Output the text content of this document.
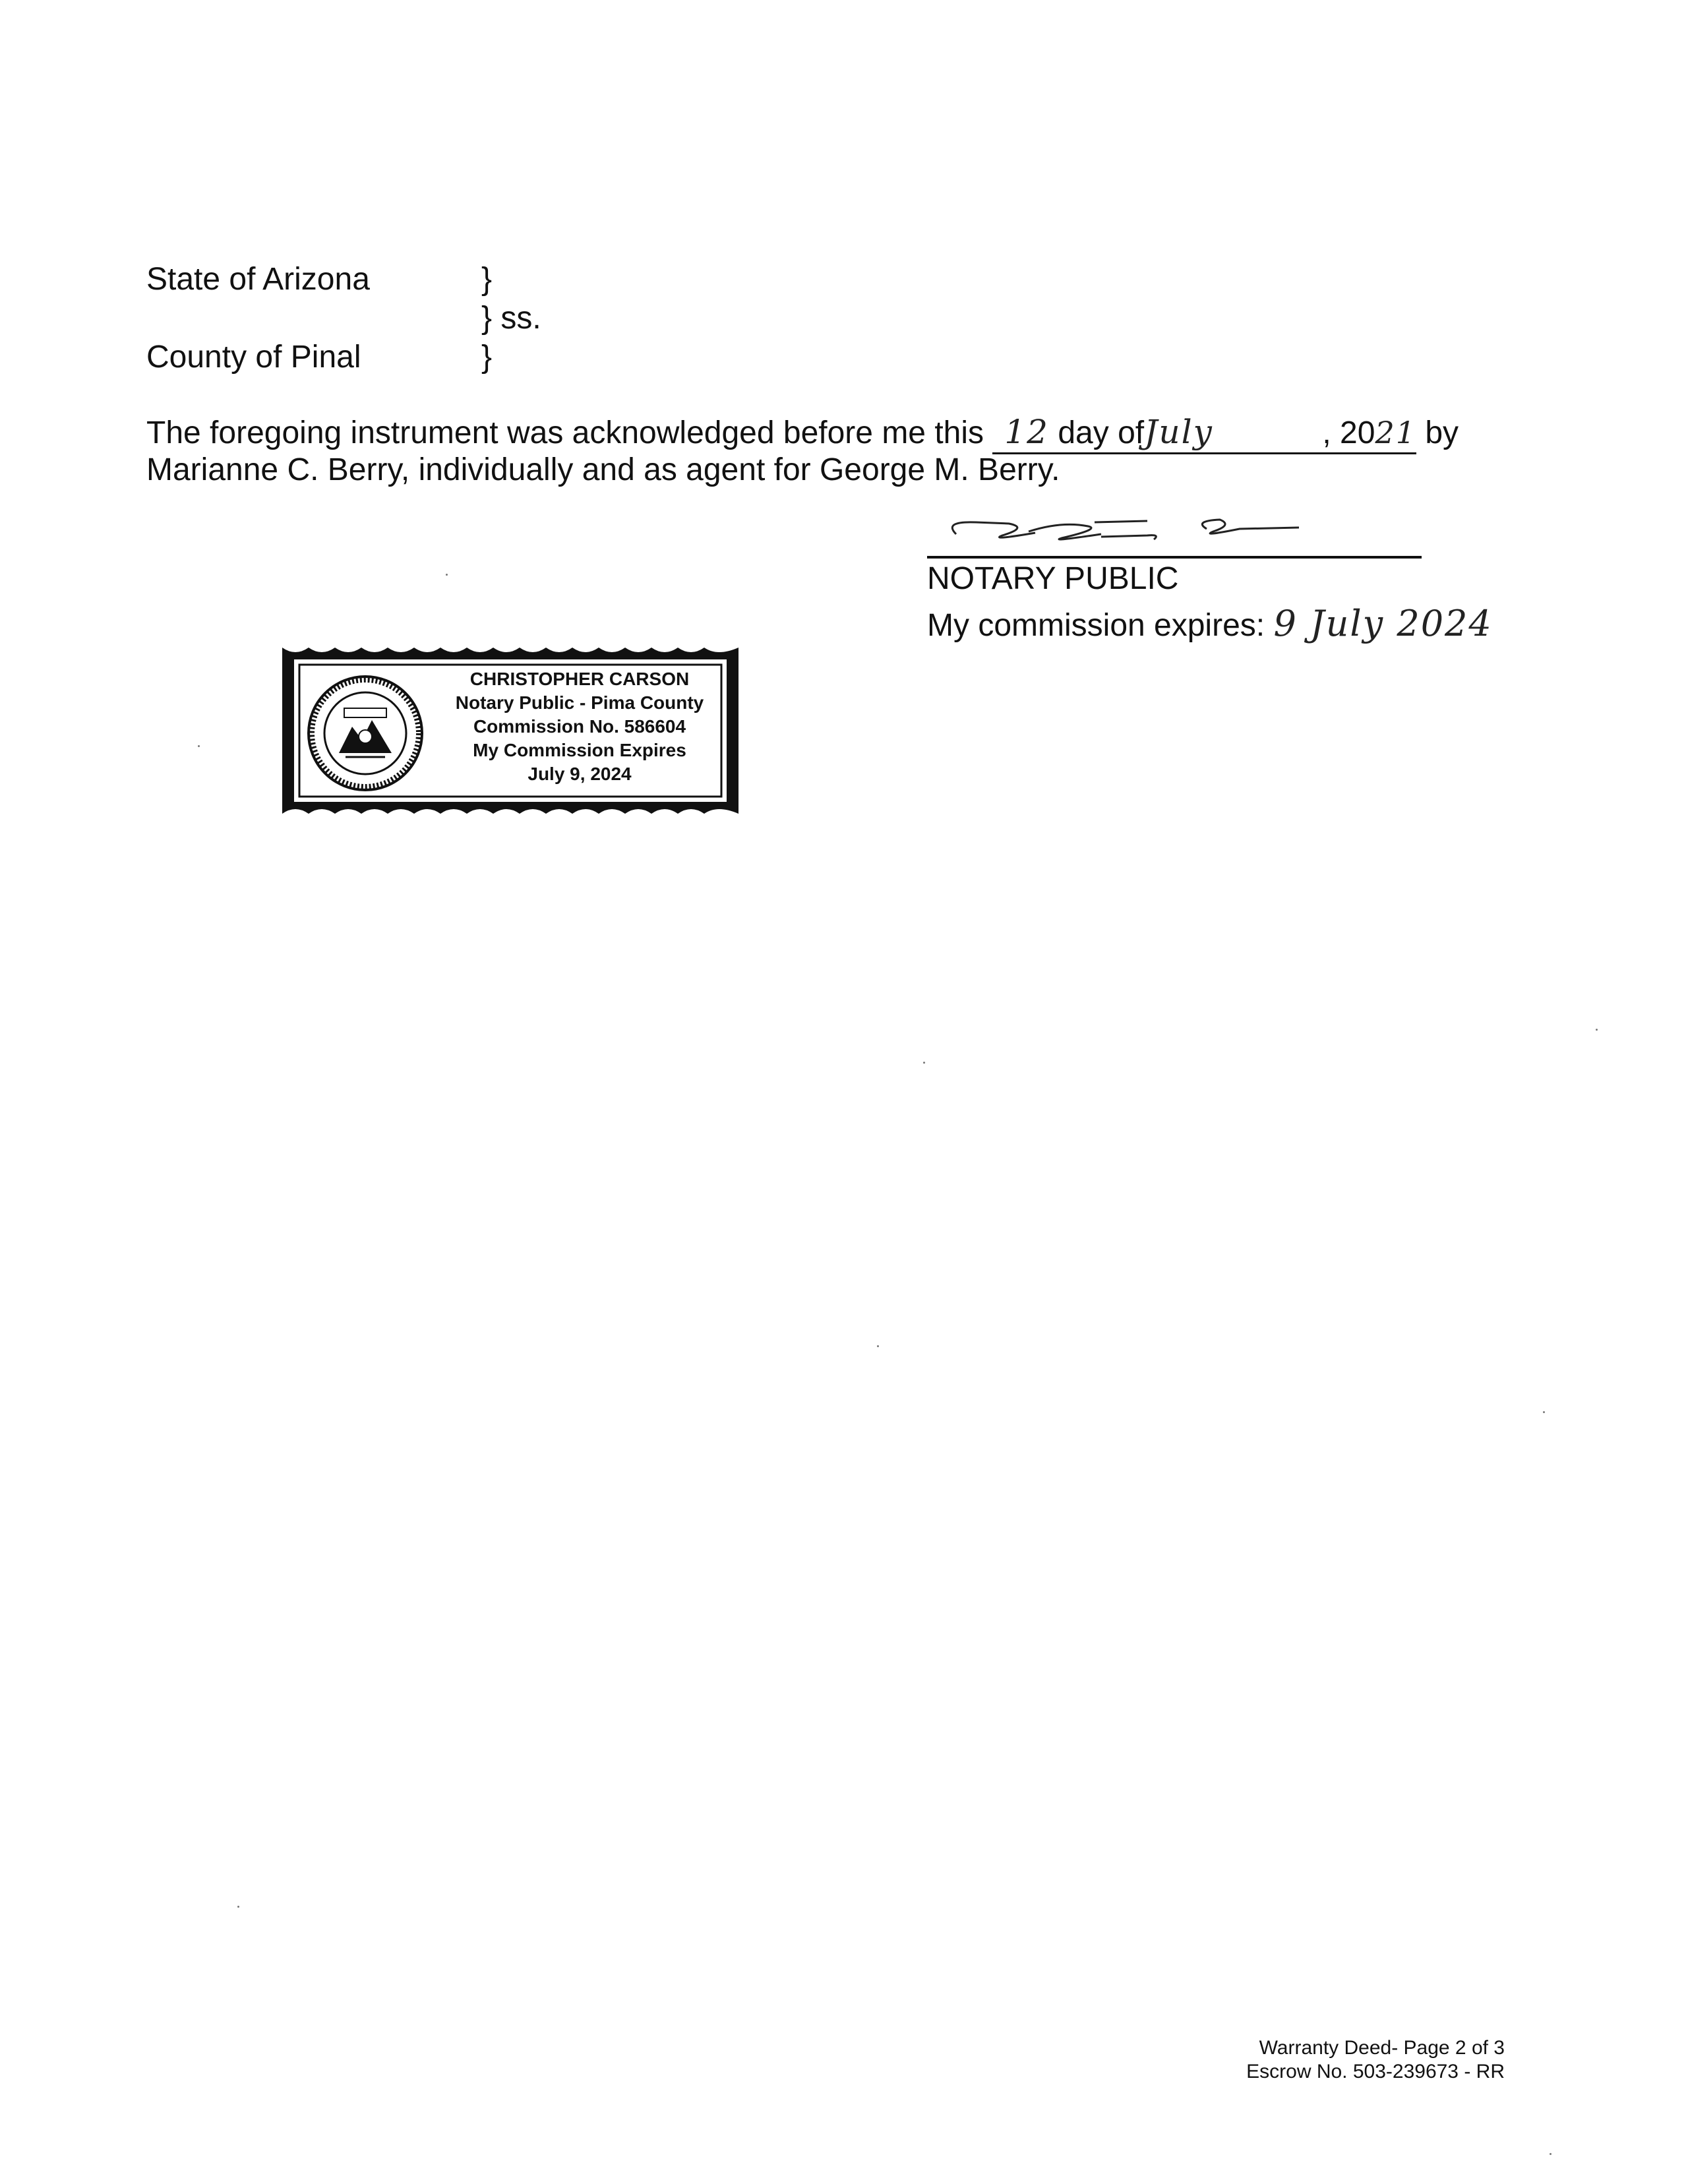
State of Arizona
County of Pinal
}
} ss.
}
The foregoing instrument was acknowledged before me this 12 day ofJuly	, 2021 by
Marianne C. Berry, individually and as agent for George M. Berry.
NOTARY PUBLIC
My commission expires: 9 July 2024
CHRISTOPHER CARSON
Notary Public - Pima County
Commission No. 586604
My Commission Expires
July 9, 2024
Warranty Deed- Page 2 of 3
Escrow No. 503-239673 - RR
